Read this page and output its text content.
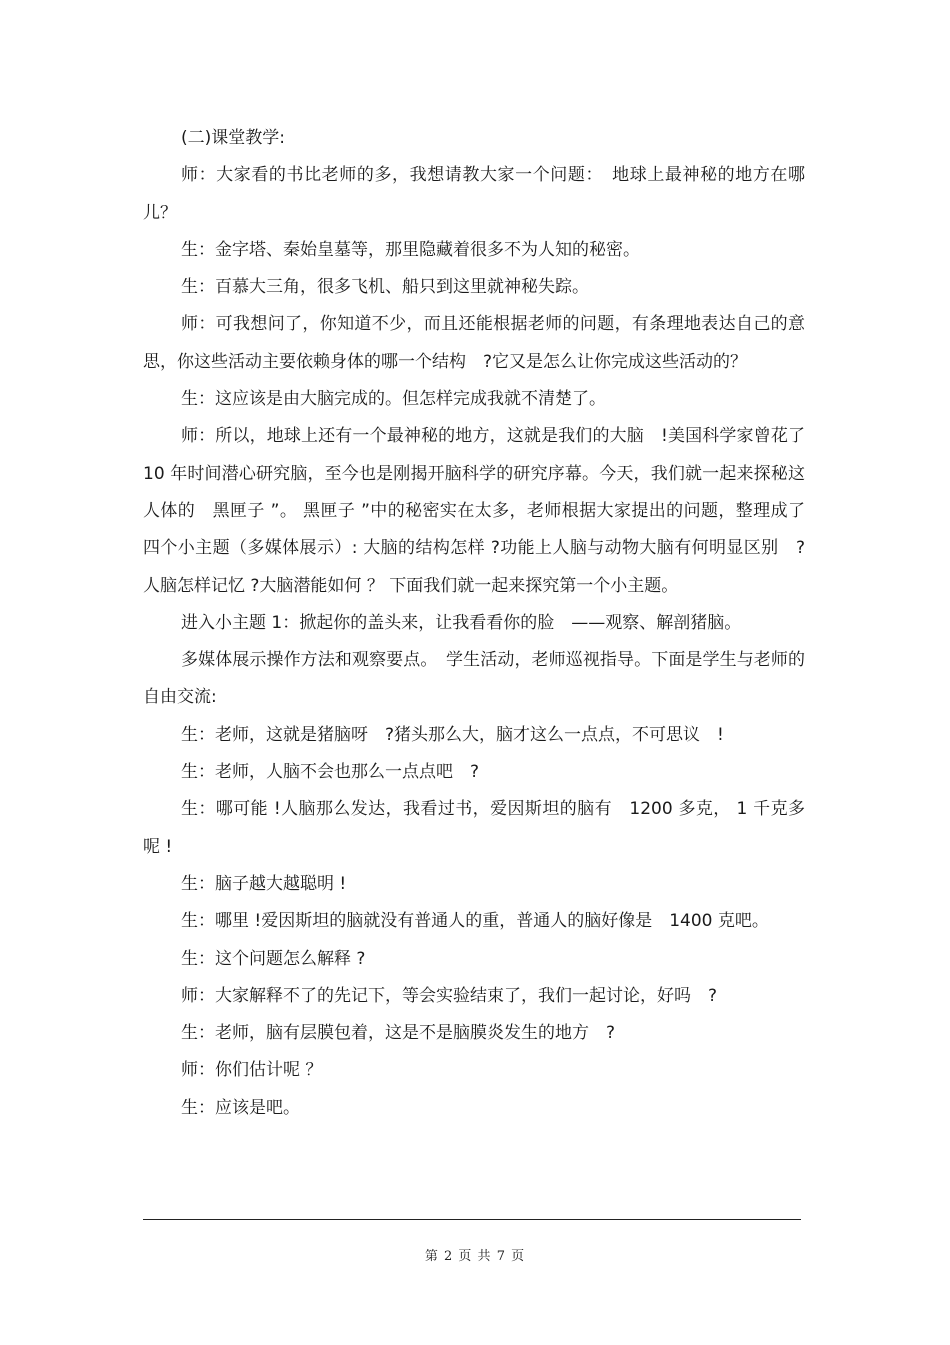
(二)课堂教学:

师：大家看的书比老师的多，我想请教大家一个问题：　地球上最神秘的地方在哪儿？

生：金字塔、秦始皇墓等，那里隐藏着很多不为人知的秘密。

生：百慕大三角，很多飞机、船只到这里就神秘失踪。

师：可我想问了，你知道不少，而且还能根据老师的问题，有条理地表达自己的意思，你这些活动主要依赖身体的哪一个结构　?它又是怎么让你完成这些活动的？

生：这应该是由大脑完成的。但怎样完成我就不清楚了。

师：所以，地球上还有一个最神秘的地方，这就是我们的大脑　!美国科学家曾花了 10 年时间潜心研究脑，至今也是刚揭开脑科学的研究序幕。今天，我们就一起来探秘这人体的　黑匣子 ”。 黑匣子 ”中的秘密实在太多，老师根据大家提出的问题，整理成了四个小主题（多媒体展示）: 大脑的结构怎样 ?功能上人脑与动物大脑有何明显区别　?人脑怎样记忆 ?大脑潜能如何 ？ 下面我们就一起来探究第一个小主题。

进入小主题 1：掀起你的盖头来，让我看看你的脸　——观察、解剖猪脑。

多媒体展示操作方法和观察要点。　学生活动，老师巡视指导。下面是学生与老师的自由交流:

生：老师，这就是猪脑呀　?猪头那么大，脑才这么一点点，不可思议　!

生：老师，人脑不会也那么一点点吧　?

生：哪可能 !人脑那么发达，我看过书，爱因斯坦的脑有　1200 多克， 1 千克多呢 !

生：脑子越大越聪明 !

生：哪里 !爱因斯坦的脑就没有普通人的重，普通人的脑好像是　1400 克吧。

生：这个问题怎么解释 ?

师：大家解释不了的先记下，等会实验结束了，我们一起讨论，好吗　?

生：老师，脑有层膜包着，这是不是脑膜炎发生的地方　?

师：你们估计呢 ？

生：应该是吧。

第 2 页 共 7 页
